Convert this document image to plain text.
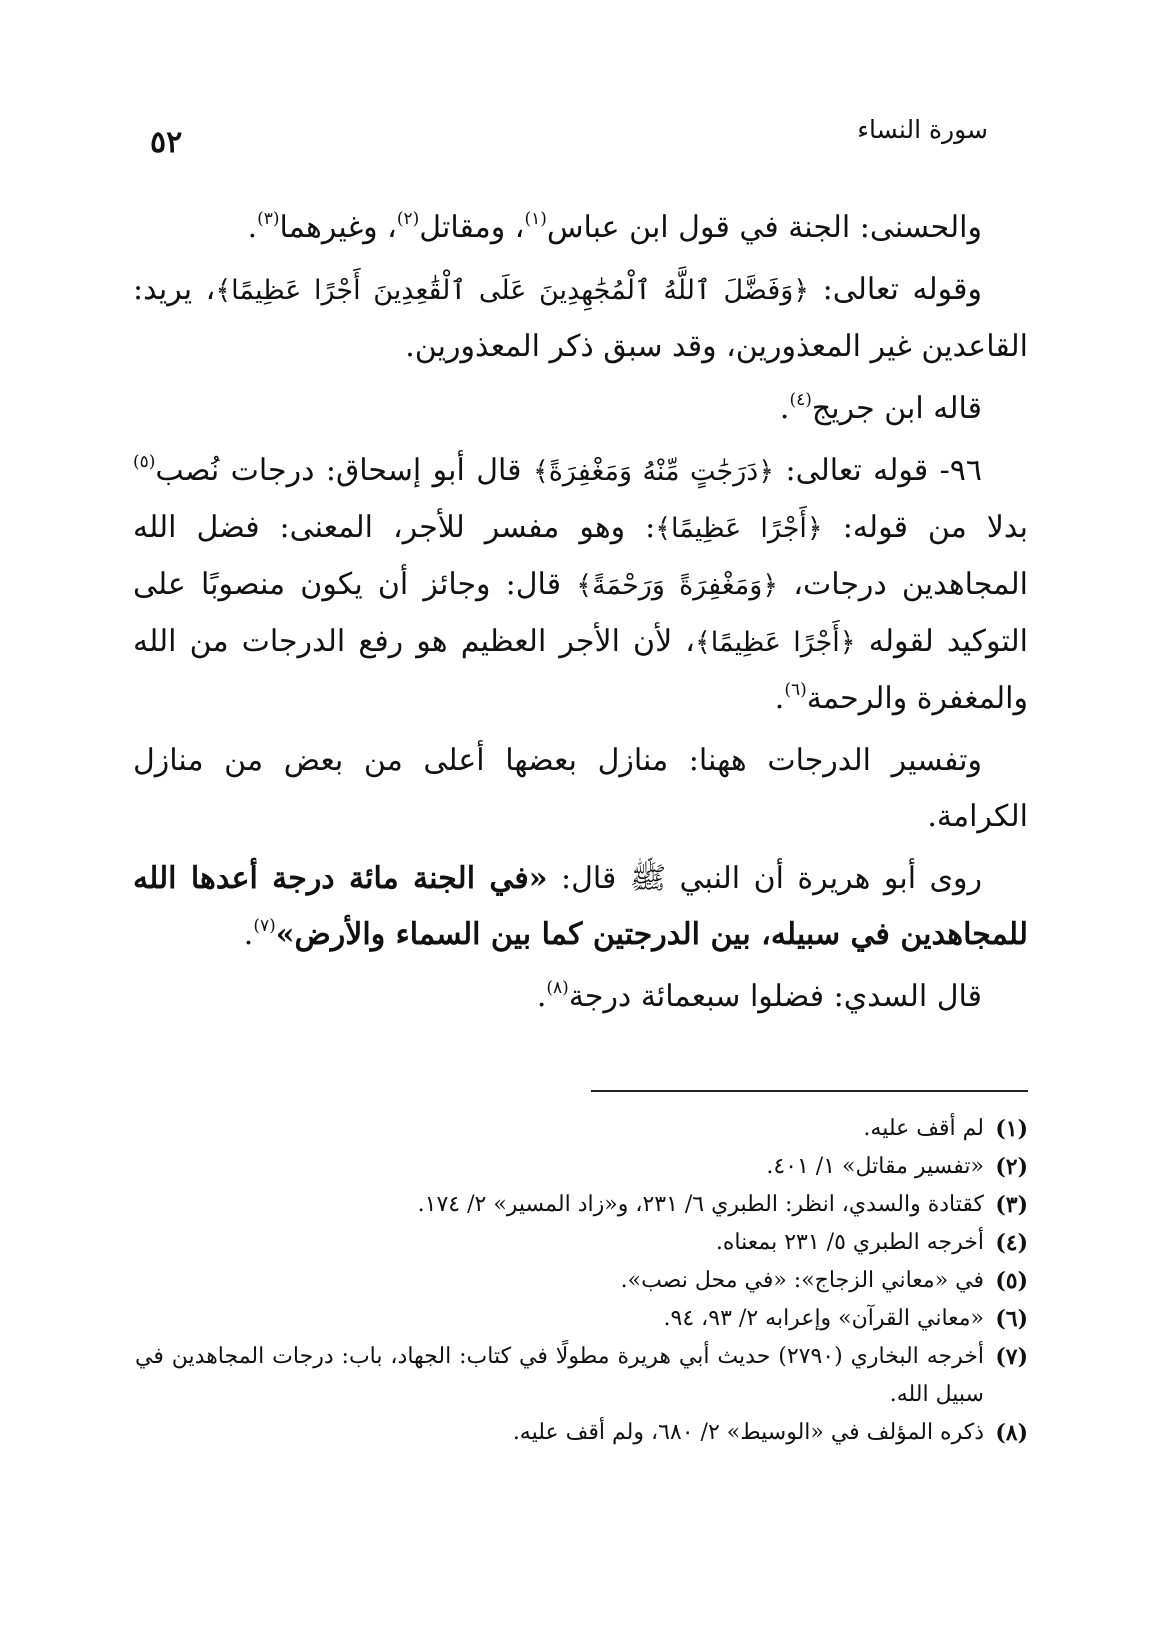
سورة النساء
٥٢

والحسنى: الجنة في قول ابن عباس$^{(١)}$، ومقاتل$^{(٢)}$، وغيرهما$^{(٣)}$.

وقوله تعالى: ﴿وَفَضَّلَ ٱللَّهُ ٱلْمُجَٰهِدِينَ عَلَى ٱلْقَٰعِدِينَ أَجْرًا عَظِيمًا﴾، يريد: القاعدين غير المعذورين، وقد سبق ذكر المعذورين.

قاله ابن جريج$^{(٤)}$.

٩٦- قوله تعالى: ﴿دَرَجَٰتٍ مِّنْهُ وَمَغْفِرَةً﴾ قال أبو إسحاق: درجات نُصب$^{(٥)}$ بدلا من قوله: ﴿أَجْرًا عَظِيمًا﴾: وهو مفسر للأجر، المعنى: فضل الله المجاهدين درجات، ﴿وَمَغْفِرَةً وَرَحْمَةً﴾ قال: وجائز أن يكون منصوبًا على التوكيد لقوله ﴿أَجْرًا عَظِيمًا﴾، لأن الأجر العظيم هو رفع الدرجات من الله والمغفرة والرحمة$^{(٦)}$.

وتفسير الدرجات ههنا: منازل بعضها أعلى من بعض من منازل الكرامة.

روى أبو هريرة أن النبي ﷺ قال: «في الجنة مائة درجة أعدها الله للمجاهدين في سبيله، بين الدرجتين كما بين السماء والأرض»$^{(٧)}$.

قال السدي: فضلوا سبعمائة درجة$^{(٨)}$.

(١)
لم أقف عليه.
(٢)
«تفسير مقاتل» ١/ ٤٠١.
(٣)
كقتادة والسدي، انظر: الطبري ٦/ ٢٣١، و«زاد المسير» ٢/ ١٧٤.
(٤)
أخرجه الطبري ٥/ ٢٣١ بمعناه.
(٥)
في «معاني الزجاج»: «في محل نصب».
(٦)
«معاني القرآن» وإعرابه ٢/ ٩٣، ٩٤.
(٧)
أخرجه البخاري (٢٧٩٠) حديث أبي هريرة مطولًا في كتاب: الجهاد، باب: درجات المجاهدين في سبيل الله.
(٨)
ذكره المؤلف في «الوسيط» ٢/ ٦٨٠، ولم أقف عليه.
